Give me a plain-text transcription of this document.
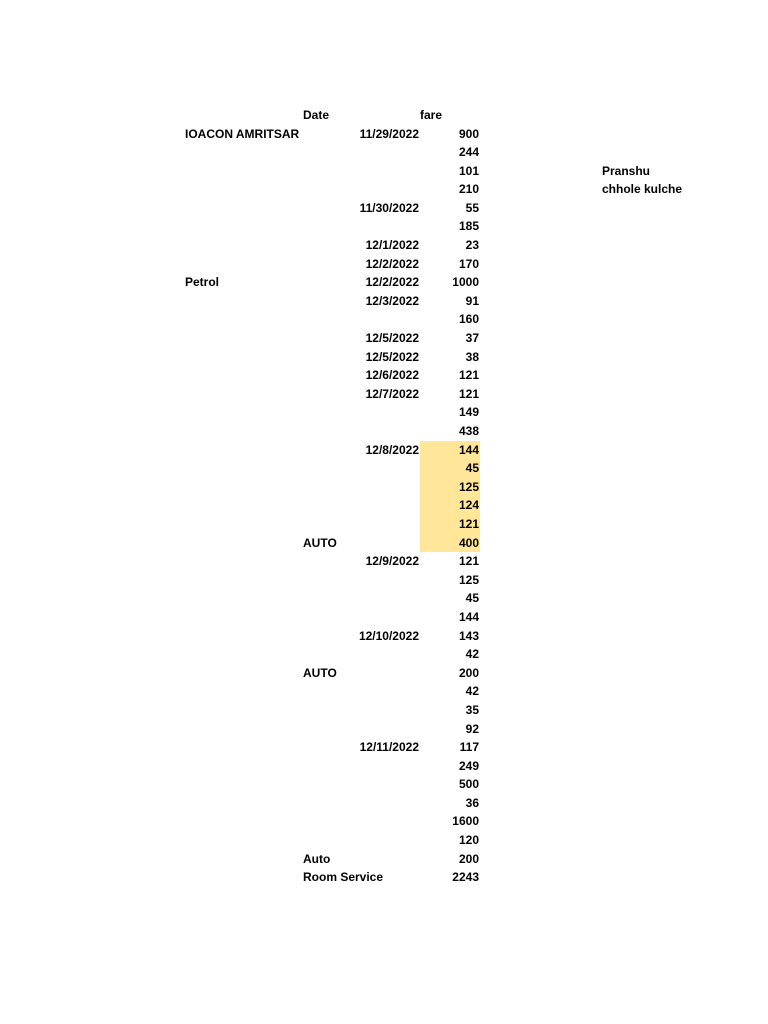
Date	fare
IOACON AMRITSAR	11/29/2022	900
244
101	Pranshu
210	chhole kulche
11/30/2022	55
185
12/1/2022	23
12/2/2022	170
Petrol	12/2/2022	1000
12/3/2022	91
160
12/5/2022	37
12/5/2022	38
12/6/2022	121
12/7/2022	121
149
438
12/8/2022	144
45
125
124
121
AUTO	400
12/9/2022	121
125
45
144
12/10/2022	143
42
AUTO	200
42
35
92
12/11/2022	117
249
500
36
1600
120
Auto	200
Room Service	2243
